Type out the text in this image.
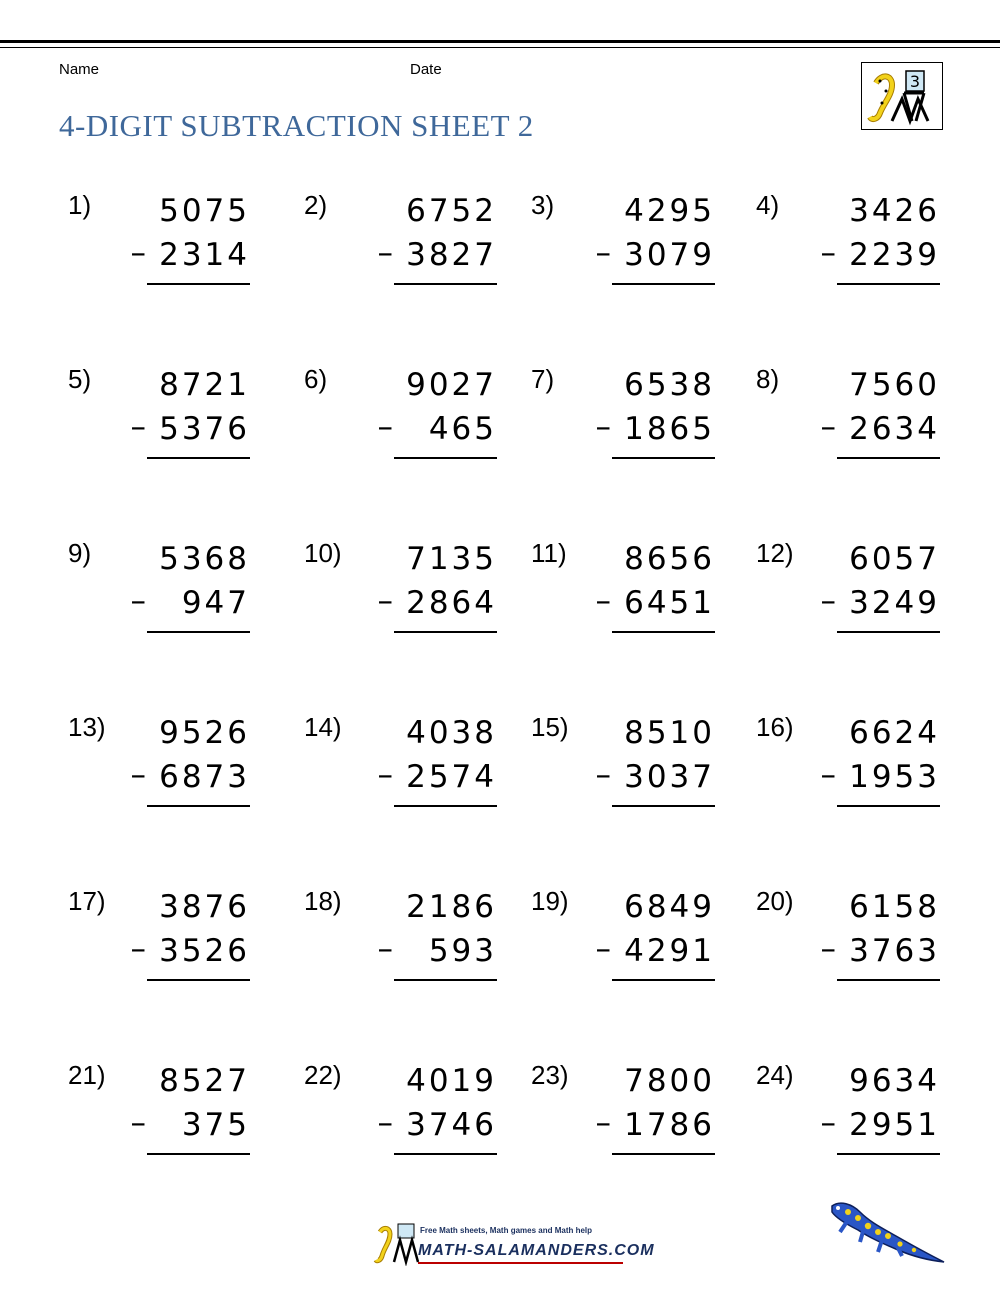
Name	Date
4-DIGIT SUBTRACTION SHEET 2
3
1)	5075
– 2314
2)	6752
– 3827
3)	4295
– 3079
4)	3426
– 2239
5)	8721
– 5376
6)	9027
–	465
7)	6538
– 1865
8)	7560
– 2634
9)	5368
–	947
10)	7135
– 2864
11)	8656
– 6451
12)	6057
– 3249
13)	9526
– 6873
14)	4038
– 2574
15)	8510
– 3037
16)	6624
– 1953
17)	3876
– 3526
18)	2186
–	593
19)	6849
– 4291
20)	6158
– 3763
21)	8527
–	375
22)	4019
– 3746
23)	7800
– 1786
24)	9634
– 2951
Free Math sheets, Math games and Math help
MATH-SALAMANDERS.COM
